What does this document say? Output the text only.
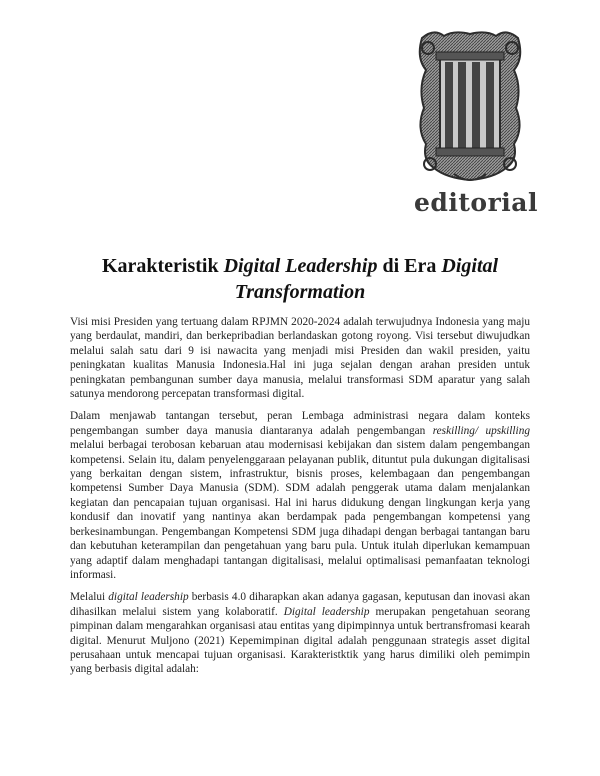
editorial
Karakteristik Digital Leadership di Era Digital
Transformation

Visi misi Presiden yang tertuang dalam RPJMN 2020-2024 adalah terwujudnya Indonesia yang maju yang berdaulat, mandiri, dan berkepribadian berlandaskan gotong royong. Visi tersebut diwujudkan melalui salah satu dari 9 isi nawacita yang menjadi misi Presiden dan wakil presiden, yaitu peningkatan kualitas Manusia Indonesia.Hal ini juga sejalan dengan arahan presiden untuk peningkatan pembangunan sumber daya manusia, melalui transformasi SDM aparatur yang salah satunya mendorong percepatan transformasi digital.

Dalam menjawab tantangan tersebut, peran Lembaga administrasi negara dalam konteks pengembangan sumber daya manusia diantaranya adalah pengembangan reskilling/ upskilling melalui berbagai terobosan kebaruan atau modernisasi kebijakan dan sistem dalam pengembangan kompetensi. Selain itu, dalam penyelenggaraan pelayanan publik, dituntut pula dukungan digitalisasi yang berkaitan dengan sistem, infrastruktur, bisnis proses, kelembagaan dan pengembangan kompetensi Sumber Daya Manusia (SDM). SDM adalah penggerak utama dalam menjalankan kegiatan dan pencapaian tujuan organisasi. Hal ini harus didukung dengan lingkungan kerja yang kondusif dan inovatif yang nantinya akan berdampak pada pengembangan kompetensi yang berkesinambungan. Pengembangan Kompetensi SDM juga dihadapi dengan berbagai tantangan baru dan kebutuhan keterampilan dan pengetahuan yang baru pula. Untuk itulah diperlukan kemampuan yang adaptif dalam menghadapi tantangan digitalisasi, melalui optimalisasi pemanfaatan teknologi informasi.

Melalui digital leadership berbasis 4.0 diharapkan akan adanya gagasan, keputusan dan inovasi akan dihasilkan melalui sistem yang kolaboratif. Digital leadership merupakan pengetahuan seorang pimpinan dalam mengarahkan organisasi atau entitas yang dipimpinnya untuk bertransfromasi kearah digital. Menurut Muljono (2021) Kepemimpinan digital adalah penggunaan strategis asset digital perusahaan untuk mencapai tujuan organisasi. Karakteristktik yang harus dimiliki oleh pemimpin yang berbasis digital adalah:
